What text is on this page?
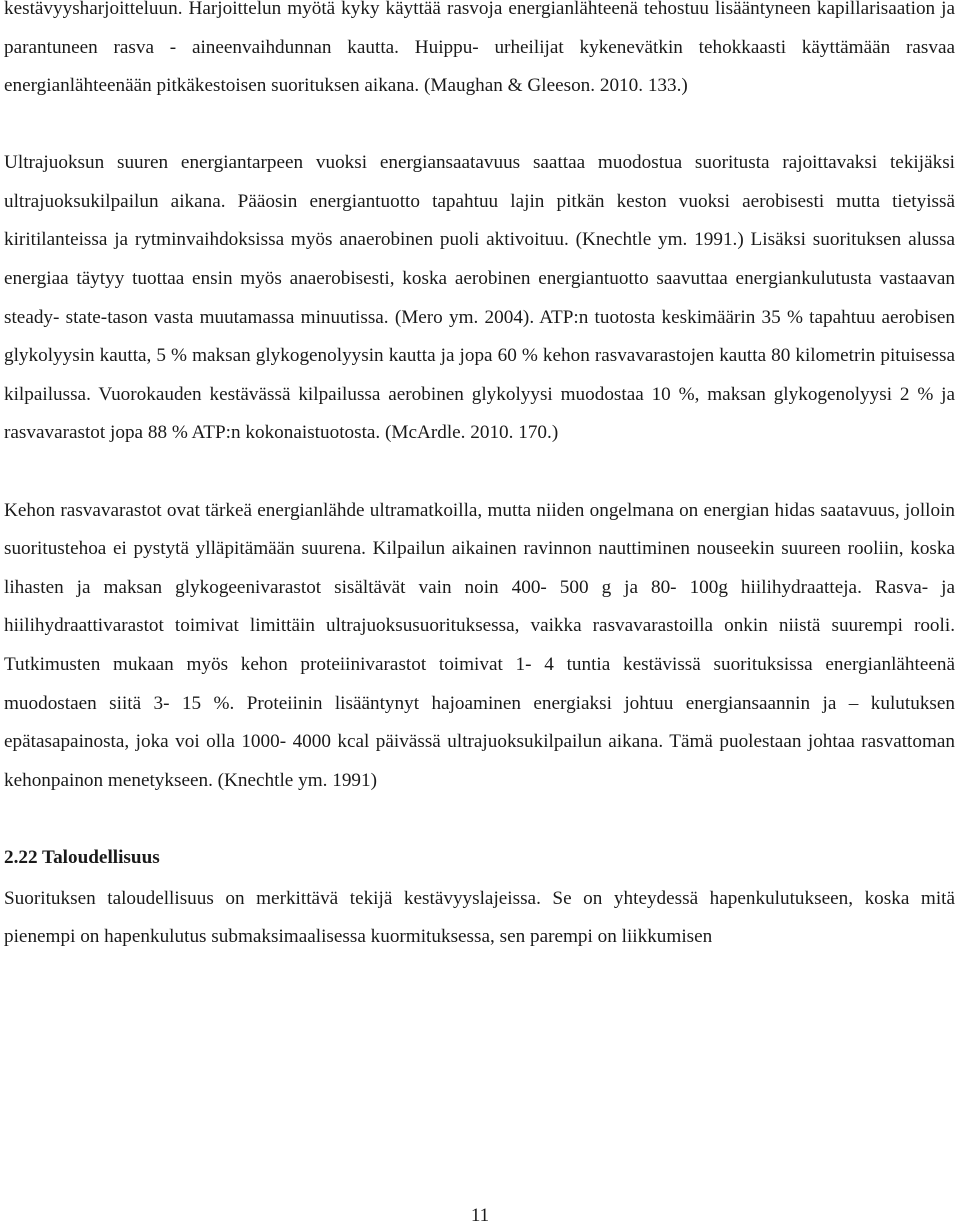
kestävyysharjoitteluun. Harjoittelun myötä kyky käyttää rasvoja energianlähteenä tehostuu lisääntyneen kapillarisaation ja parantuneen rasva - aineenvaihdunnan kautta. Huippu- urheilijat kykenevätkin tehokkaasti käyttämään rasvaa energianlähteenään pitkäkestoisen suorituksen aikana. (Maughan & Gleeson. 2010. 133.)

Ultrajuoksun suuren energiantarpeen vuoksi energiansaatavuus saattaa muodostua suoritusta rajoittavaksi tekijäksi ultrajuoksukilpailun aikana. Pääosin energiantuotto tapahtuu lajin pitkän keston vuoksi aerobisesti mutta tietyissä kiritilanteissa ja rytminvaihdoksissa myös anaerobinen puoli aktivoituu. (Knechtle ym. 1991.) Lisäksi suorituksen alussa energiaa täytyy tuottaa ensin myös anaerobisesti, koska aerobinen energiantuotto saavuttaa energiankulutusta vastaavan steady- state-tason vasta muutamassa minuutissa. (Mero ym. 2004). ATP:n tuotosta keskimäärin 35 % tapahtuu aerobisen glykolyysin kautta, 5 % maksan glykogenolyysin kautta ja jopa 60 % kehon rasvavarastojen kautta 80 kilometrin pituisessa kilpailussa. Vuorokauden kestävässä kilpailussa aerobinen glykolyysi muodostaa 10 %, maksan glykogenolyysi 2 % ja rasvavarastot jopa 88 % ATP:n kokonaistuotosta. (McArdle. 2010. 170.)

Kehon rasvavarastot ovat tärkeä energianlähde ultramatkoilla, mutta niiden ongelmana on energian hidas saatavuus, jolloin suoritustehoa ei pystytä ylläpitämään suurena. Kilpailun aikainen ravinnon nauttiminen nouseekin suureen rooliin, koska lihasten ja maksan glykogeenivarastot sisältävät vain noin 400- 500 g ja 80- 100g hiilihydraatteja. Rasva- ja hiilihydraattivarastot toimivat limittäin ultrajuoksusuorituksessa, vaikka rasvavarastoilla onkin niistä suurempi rooli. Tutkimusten mukaan myös kehon proteiinivarastot toimivat 1- 4 tuntia kestävissä suorituksissa energianlähteenä muodostaen siitä 3- 15 %. Proteiinin lisääntynyt hajoaminen energiaksi johtuu energiansaannin ja – kulutuksen epätasapainosta, joka voi olla 1000- 4000 kcal päivässä ultrajuoksukilpailun aikana. Tämä puolestaan johtaa rasvattoman kehonpainon menetykseen. (Knechtle ym. 1991)

2.22 Taloudellisuus

Suorituksen taloudellisuus on merkittävä tekijä kestävyyslajeissa. Se on yhteydessä hapenkulutukseen, koska mitä pienempi on hapenkulutus submaksimaalisessa kuormituksessa, sen parempi on liikkumisen

11
